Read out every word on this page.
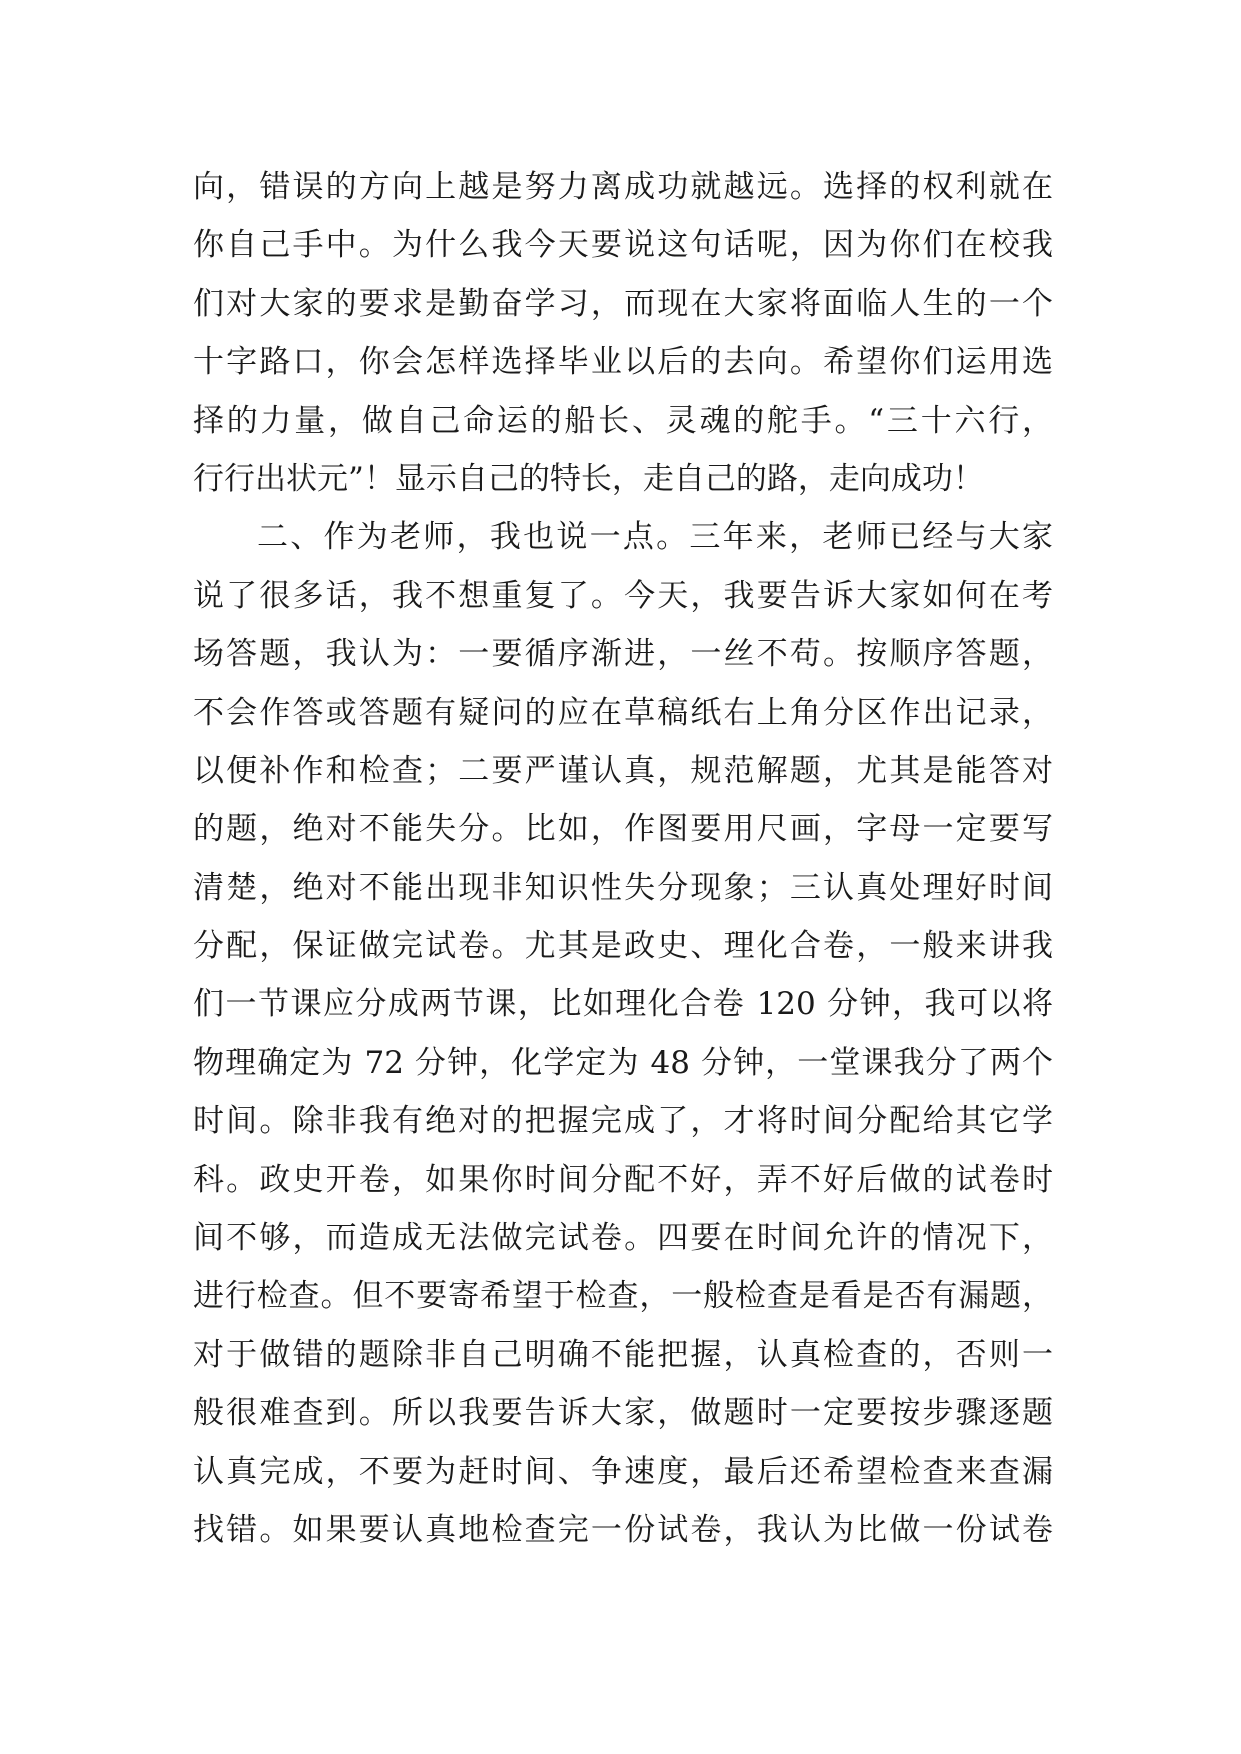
向，错误的方向上越是努力离成功就越远。选择的权利就在
你自己手中。为什么我今天要说这句话呢，因为你们在校我
们对大家的要求是勤奋学习，而现在大家将面临人生的一个
十字路口，你会怎样选择毕业以后的去向。希望你们运用选
择的力量，做自己命运的船长、灵魂的舵手。“三十六行，
行行出状元”！显示自己的特长，走自己的路，走向成功！
二、作为老师，我也说一点。三年来，老师已经与大家
说了很多话，我不想重复了。今天，我要告诉大家如何在考
场答题，我认为：一要循序渐进，一丝不苟。按顺序答题，
不会作答或答题有疑问的应在草稿纸右上角分区作出记录，
以便补作和检查；二要严谨认真，规范解题，尤其是能答对
的题，绝对不能失分。比如，作图要用尺画，字母一定要写
清楚，绝对不能出现非知识性失分现象；三认真处理好时间
分配，保证做完试卷。尤其是政史、理化合卷，一般来讲我
们一节课应分成两节课，比如理化合卷 120 分钟，我可以将
物理确定为 72 分钟，化学定为 48 分钟，一堂课我分了两个
时间。除非我有绝对的把握完成了，才将时间分配给其它学
科。政史开卷，如果你时间分配不好，弄不好后做的试卷时
间不够，而造成无法做完试卷。四要在时间允许的情况下，
进行检查。但不要寄希望于检查，一般检查是看是否有漏题，
对于做错的题除非自己明确不能把握，认真检查的，否则一
般很难查到。所以我要告诉大家，做题时一定要按步骤逐题
认真完成，不要为赶时间、争速度，最后还希望检查来查漏
找错。如果要认真地检查完一份试卷，我认为比做一份试卷
